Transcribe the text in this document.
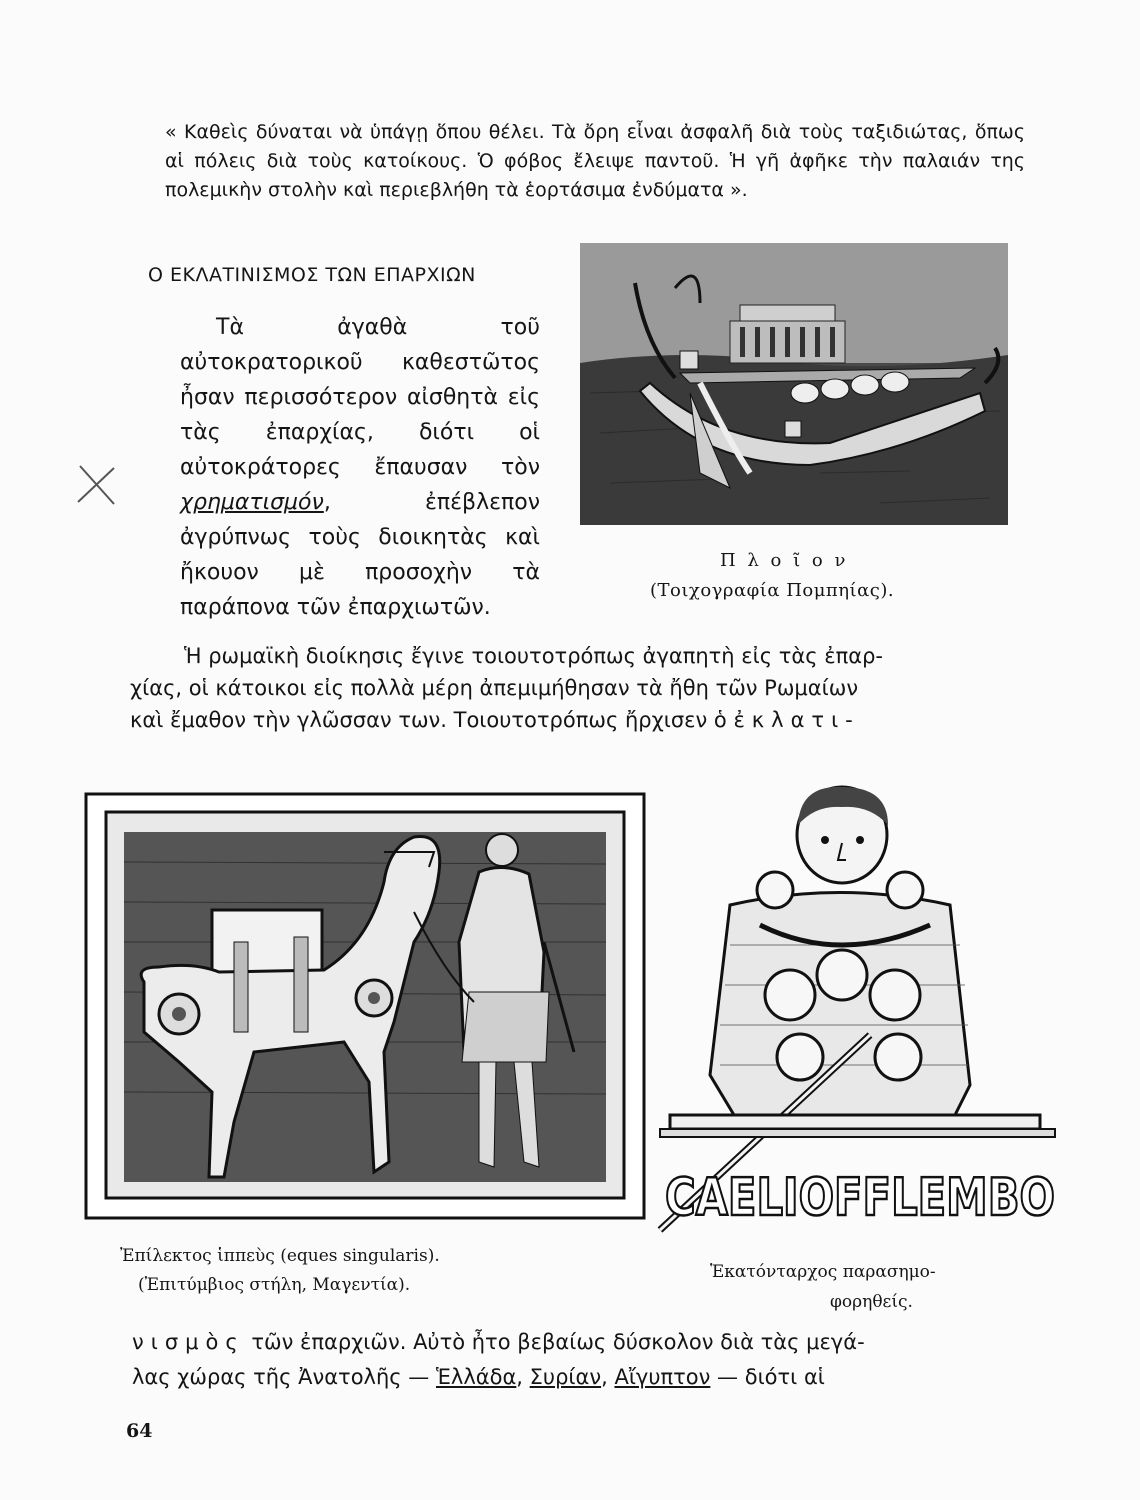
« Καθεὶς δύναται νὰ ὑπάγῃ ὅπου θέλει. Τὰ ὄρη εἶναι ἀσφαλῆ διὰ τοὺς ταξιδιώτας, ὅπως αἱ πόλεις διὰ τοὺς κατοίκους. Ὁ φόβος ἔλειψε παντοῦ. Ἡ γῆ ἀφῆκε τὴν παλαιάν της πολεμικὴν στολὴν καὶ περιεβλήθη τὰ ἑορτάσιμα ἐνδύματα ».
Ο ΕΚΛΑΤΙΝΙΣΜΟΣ ΤΩΝ ΕΠΑΡΧΙΩΝ

Τὰ ἀγαθὰ τοῦ αὐτοκρατορικοῦ καθεστῶτος ἦσαν περισσότερον αἰσθητὰ εἰς τὰς ἐπαρχίας, διότι οἱ αὐτοκράτορες ἔπαυσαν τὸν χρηματισμόν, ἐπέβλεπον ἀγρύπνως τοὺς διοικητὰς καὶ ἤκουον μὲ προσοχὴν τὰ παράπονα τῶν ἐπαρχιωτῶν.

Π λ ο ῖ ο ν
(Τοιχογραφία Πομπηίας).
Ἡ ρωμαϊκὴ διοίκησις ἔγινε τοιουτοτρόπως ἀγαπητὴ εἰς τὰς ἐπαρ-
χίας, οἱ κάτοικοι εἰς πολλὰ μέρη ἀπεμιμήθησαν τὰ ἤθη τῶν Ρωμαίων
καὶ ἔμαθον τὴν γλῶσσαν των. Τοιουτοτρόπως ἤρχισεν ὁ ἐκλατι-
Ἐπίλεκτος ἱππεὺς (eques singularis).
(Ἐπιτύμβιος στήλη, Μαγεντία).
CAELIOFFLEMBO
Ἑκατόνταρχος παρασημο-
φορηθείς.
νισμὸς τῶν ἐπαρχιῶν. Αὐτὸ ἦτο βεβαίως δύσκολον διὰ τὰς μεγά-
λας χώρας τῆς Ἀνατολῆς — Ἑλλάδα, Συρίαν, Αἴγυπτον — διότι αἱ
64
